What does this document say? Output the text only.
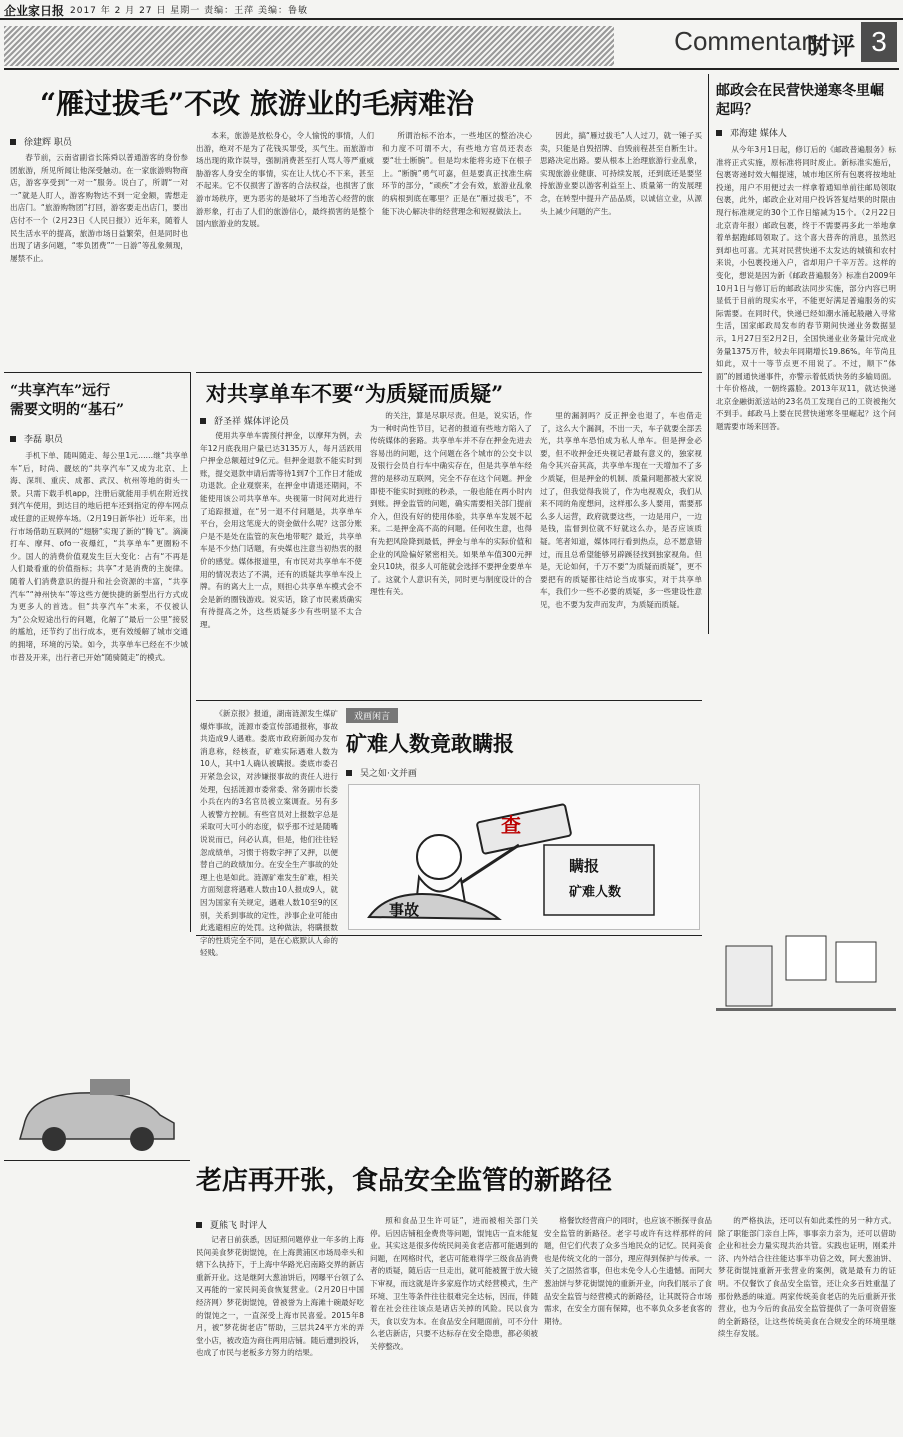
企业家日报 2017 年 2 月 27 日 星期一 责编：王萍 美编：鲁敏
Commentary
时评 3
“雁过拔毛”不改 旅游业的毛病难治
徐建辉 职员

春节前，云南省副省长陈舜以普通游客的身份参团旅游，所见所闻让他深受触动。在一家旅游购物商店，游客享受到“一对一”服务。说白了，所谓“一对一”就是人盯人，游客购物达不到一定金额，需想走出店门。“旅游购物团”打回，游客要走出店门，要出店付不一个（2月23日《人民日报》）近年来，随着人民生活水平的提高，旅游市场日益繁荣，但是同时也出现了诸多问题，“零负团费”“一日游”等乱象频现，屡禁不止。

本来，旅游是放松身心，令人愉悦的事情，人们出游，绝对不是为了花钱买罪受，买气生。而旅游市场出现的欺诈误导，强制消费甚至打人骂人等严重威胁游客人身安全的事情，实在让人忧心不下来，甚至不起来。它不仅损害了游客的合法权益，也损害了旅游市场秩序，更为恶劣的是破坏了当地苦心经营的旅游形象，打击了人们的旅游信心，最终损害的是整个国内旅游业的发展。

所谓治标不治本，一些地区的整治决心和力度不可谓不大，有些地方官员还表态要“壮士断腕”。但是均未能将劣迹下在根子上。“断腕”勇气可嘉，但是要真正找准生病环节的部分，“顽疾”才会有效，旅游业乱象的病根到底在哪里？正是在“雁过拔毛”，不能下决心解决非的经营理念和短视做法上。

因此，搞“雁过拔毛”人人过刀，就一锤子买卖，只能是自毁招牌、自毁前程甚至自断生计。思路决定出路。要从根本上治理旅游行业乱象，实现旅游业健康、可持续发展，还到底还是要坚持旅游业要以游客利益至上、质量第一的发展理念，在转型中提升产品品质，以诚信立业，从源头上减少问题的产生。

邮政会在民营快递寒冬里崛起吗？
邓海建 媒体人

从今年3月1日起，修订后的《邮政普遍服务》标准将正式实施，原标准将同时废止。新标准实施后，包裹寄递时效大幅提速，城市地区所有包裹将按地址投递，用户不用便过去一样拿着通知单前往邮局领取包裹，此外，邮政企业对用户投诉答复结果的时限由现行标准规定的30个工作日缩减为15个。（2月22日北京青年报）邮政包裹，终于不需要再多此一举地拿着单据跑邮局领取了。这个喜大普奔的消息，虽然迟到却也可喜。尤其对民营快递不太发达的城镇和农村来说，小包裹投递入户，省却用户千辛万苦。这样的变化，想说是因为新《邮政普遍服务》标准自2009年10月1日与修订后的邮政法同步实施，部分内容已明显低于目前的现实水平，不能更好满足普遍服务的实际需要。在同时代，快递已经如潮水涌起般融入寻常生活，国家邮政局发布的春节期间快递业务数据显示，1月27日至2月2日，全国快递业业务量计完成业务量1375万件，较去年同期增长19.86%。年节尚且如此，双十一等节点更不用说了。不过，顺下“体面”的圆通快递事件，亦警示着低质快务的多输局面。十年价格战，一朝终露脸。2013年双11，就达快递北京金融街派送站的23名员工发现自己的工资被拖欠不到手。邮政马上要在民营快递寒冬里崛起？这个问题需要市场来回答。

“共享汽车”远行
需要文明的“基石”
李磊 职员

手机下单、随叫随走、每公里1元……继“共享单车”后，时尚、靓炫的“共享汽车”又成为北京、上海、深圳、重庆、成都、武汉、杭州等地的街头一景。只需下载手机app，注册后就能用手机在附近找到汽车使用，到达目的地后把车还到指定的停车网点或任意的正规停车场。（2月19日新华社）近年来，出行市场借助互联网的“翅膀”实现了新的“腾飞”。滴滴打车、摩拜、ofo一夜爆红，“共享单车”更圈粉不少。国人的消费价值观发生巨大变化：占有“不再是人们最看重的价值指标；共享”才是消费的主旋律。随着人们消费意识的提升和社会资源的丰富，“共享汽车”“神州快车”等这些方便快捷的新型出行方式成为更多人的首选。但“共享汽车”未来，不仅被认为“公众短途出行的问题，化解了“最后一公里”接驳的尴尬，还节约了出行成本，更有效缓解了城市交通的拥堵，环境的污染。如今，共享单车已经在不少城市普及开来，出行者已开始“随骑随走”的模式。

对共享单车不要“为质疑而质疑”
舒圣祥 媒体评论员

使用共享单车需预付押金，以摩拜为例，去年12月底我用户量已达3135万人，每月活跃用户押金总额超过9亿元。但押金退款不能实时到账，提交退款申请后需等待1到7个工作日才能成功退款。企业观察来，在押金申请退还期间，不能使用该公司共享单车。央视第一时间对此进行了追踪报道，在“另一退不付问题是，共享单车平台，会用这笔庞大的资金做什么呢？这部分账户是不是处在监管的灰色地带呢？最近，共享单车是不少热门话题，有央媒也注意当初热衷的报价的感觉。媒体报道里，有市民对共享单车不使用的情况表达了不满，还有的质疑共享单车没上牌。有的离大上一点，则担心共享单车模式会不会是新的圈钱游戏。说实话，除了市民素质确实有待提高之外，这些质疑多少有些明显不太合理。

的关注，算是尽职尽责。但是，说实话，作为一种时尚性节目，记者的报道有些地方陷入了传统媒体的套路。共享单车并不存在押金先进去容易出的问题，这个问题在各个城市的公交卡以及银行会员自行车中确实存在，但是共享单车经营的是移动互联网，完全不存在这个问题。押金即使不能实时到账的秒杀，一般也能在两小时内到账。押金监管的问题，确实需要相关部门提前介入，但没有好的使用体验，共享单车发展不起来。二是押金高不高的问题。任何收生意，也得有先把风险降到最低，押金与单车的实际价值和企业的风险偏好紧密相关。如果单车值300元押金只10块，很多人可能就会选择不要押金要单车了。这就个人意识有关，同时更与制度设计的合理性有关。

里的漏洞吗？反正押金也退了，车也借走了，这么大个漏洞，不出一天，车子就要全部丢光，共享单车恐怕成为私人单车。但是押金必要，但不收押金还央视记者最有意义的，独家视角令其兴奋其高，共享单车现在一天增加不了多少质疑，但是押金的机制、质量问题都被大家说过了，但我觉得我说了，作为电视观众，我们从来不同的角度想问，这样那么多人要用，需要那么多人运营，政府就要这些，一边是用户，一边是钱，监督到位就不好就这么办，是否应该质疑。笔者知道，媒体同行看到热点，总不愿意错过，而且总希望能够另辟蹊径找到独家视角。但是，无论如何，千万不要“为质疑而质疑”，更不要把有的质疑都往结论当成事实，对于共享单车，我们少一些不必要的质疑，多一些建设性意见，也不要为发声而发声，为质疑而质疑。

《新京报》报道，湖南涟源发生煤矿爆炸事故，涟源市委宣传部通报称，事故共造成9人遇难。娄底市政府新闻办发布消息称，经核查，矿难实际遇难人数为10人，其中1人确认被瞒报。娄底市委召开紧急会议，对涉嫌报事故的责任人进行处理，包括涟源市委常委、常务副市长娄小兵在内的3名官员被立案调查。另有多人被警方控制。有些官员对上报数字总是采取可大可小的态度，似乎那不过是随嘴说说而已，问必认真，但是，他们往往轻忽成绩单，习惯于将数字押了又押，以便替自己的政绩加分。在安全生产事故的处理上也是如此。涟源矿难发生矿难，相关方面刻意将遇难人数由10人报成9人，就因为国家有关规定，遇难人数10至9的区别，关系到事故的定性，涉事企业可能由此逃避相应的处罚。这种做法，将瞒报数字的性质完全不同，是在心底默认人命的轻贱。

戏画闲言
矿难人数竟敢瞒报
吴之如·文并画
查
瞒报
矿难人数
事故
老店再开张，食品安全监管的新路径
夏熊飞 时评人

记者日前获悉，因证照问题停业一年多的上海民间美食梦花街馄饨，在上海黄浦区市场局牵头和辖下么执持下，于上海中华路光启南路交界的新店重新开业。这是继阿大葱油饼后，网曝平台领了么又再能的一家民间美食恢复营业。（2月20日中国经济网）梦花街馄饨，曾被誉为上海滩十碗最好吃的馄饨之一，一直深受上海市民喜爱。2015年8月，被“梦花街老店”帮助，三层共24平方米的弄堂小店，被改造为商住两用店铺。随后遭到投诉，也成了市民与老板多方努力的结果。

照和食品卫生许可证”，进而被相关部门关停。后因店铺租金费贵等问题，馄饨店一直未能复业。其实这是很多传统民间美食老店都可能遇到的问题，在网格时代，老店可能难得学三级食品消费者的质疑，随后店一旦走出，就可能被置于放大镜下审视，而这就是许多家庭作坊式经营模式，生产环境、卫生等条件往往很难完全达标，因而，伴随着在社会往往该点是诸店关掉的风险。民以食为天，食以安为本。在食品安全问题面前，可不分什么老店新店，只要不达标存在安全隐患，都必须被关停整改。

格餐饮经营商户的同时，也应该不断探寻食品安全监管的新路径。老字号或许有这样那样的问题，但它们代表了众多当地民众的记忆。民间美食也是传统文化的一部分，理应得到保护与传承。一关了之固然省事，但也未免令人心生遗憾。而阿大葱油饼与梦花街馄饨的重新开业，向我们展示了食品安全监管与经营模式的新路径，让其既符合市场需求，在安全方面有保障，也不辜负众多老食客的期待。

的严格执法，还可以有如此柔性的另一种方式。除了职能部门亲自上阵，事事亲力亲为，还可以借助企业和社会力量实现共治共管。实践也证明，刚柔并济、内外结合往往能达事半功倍之效，阿大葱油饼、梦花街馄饨重新开张营业的案例，就是最有力的证明。不仅餐饮了食品安全监管，还让众多百姓重温了那份熟悉的味道。两家传统美食老店的先后重新开张营业，也为今后的食品安全监管提供了一条可资借鉴的全新路径，让这些传统美食在合规安全的环境里继续生存发展。
